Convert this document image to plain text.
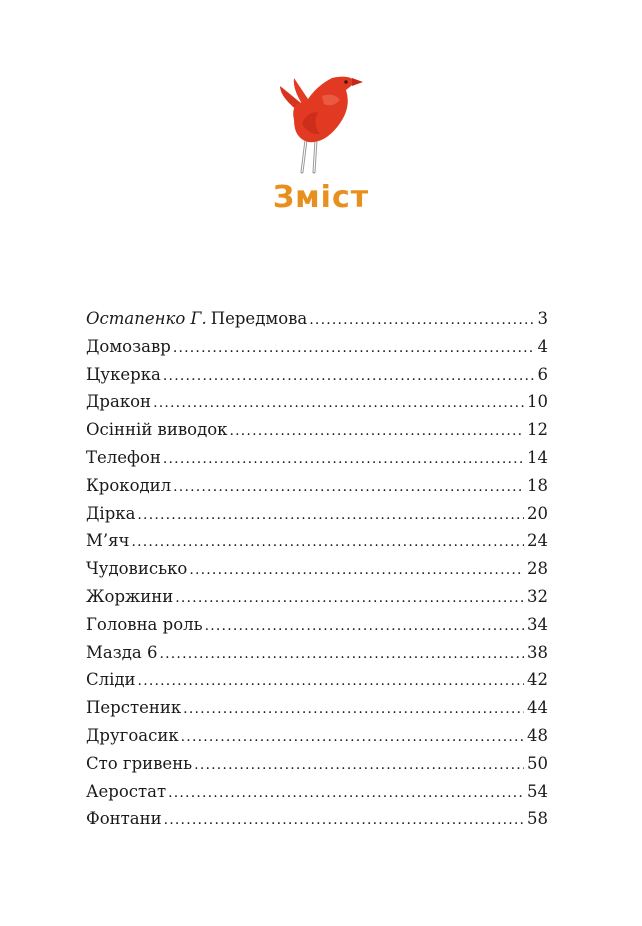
Зміст
Остапенко Г. Передмова .....	3
Домозавр .....	4
Цукерка .....	6
Дракон .....	10
Осінній виводок .....	12
Телефон .....	14
Крокодил .....	18
Дірка .....	20
М’яч .....	24
Чудовисько .....	28
Жоржини .....	32
Головна роль .....	34
Мазда 6 .....	38
Сліди .....	42
Перстеник .....	44
Другоасик .....	48
Сто гривень .....	50
Аеростат .....	54
Фонтани .....	58
